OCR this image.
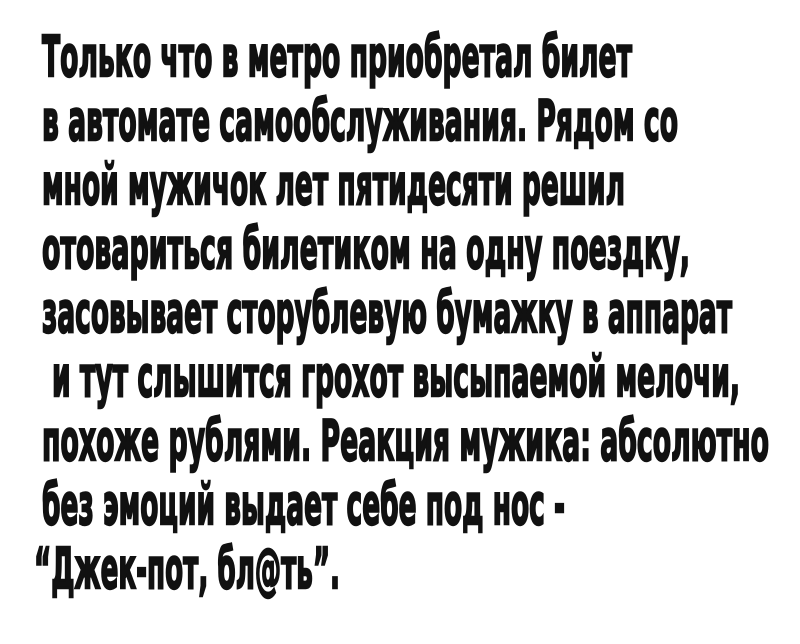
Только что в метро приобретал билет
в автомате самообслуживания. Рядом со
мной мужичок лет пятидесяти решил
отовариться билетиком на одну поездку,
засовывает сторублевую бумажку в аппарат
и тут слышится грохот высыпаемой мелочи,
похоже рублями. Реакция мужика: абсолютно
без эмоций выдает себе под нос -
“Джек-пот, бл@ть”.
